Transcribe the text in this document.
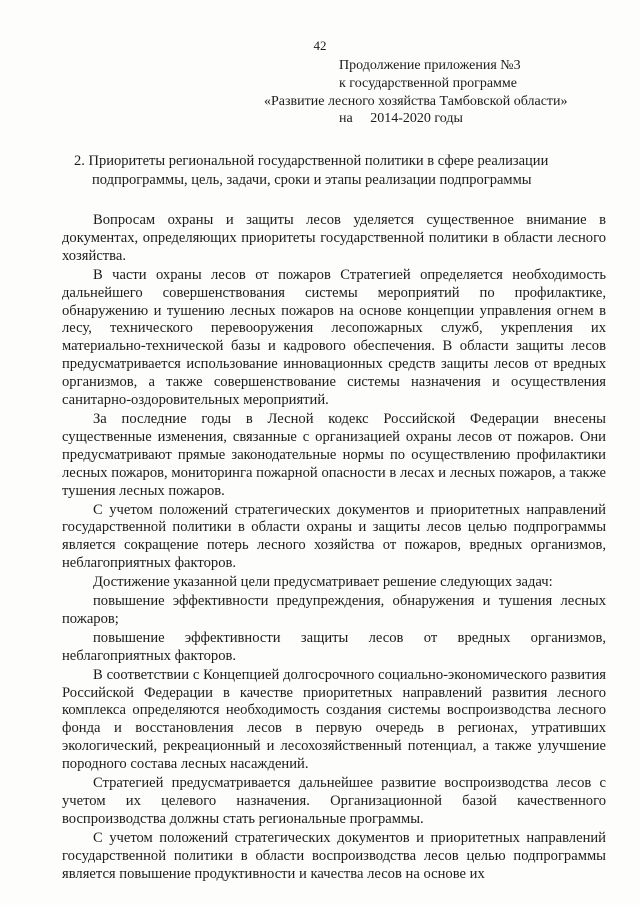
42
Продолжение приложения №3
к государственной программе
«Развитие лесного хозяйства Тамбовской области»
на     2014-2020 годы
2. Приоритеты региональной государственной политики в сфере реализации
подпрограммы, цель, задачи, сроки и этапы реализации подпрограммы

Вопросам охраны и защиты лесов уделяется существенное внимание в документах, определяющих приоритеты государственной политики в области лесного хозяйства.

В части охраны лесов от пожаров Стратегией определяется необходимость дальнейшего совершенствования системы мероприятий по профилактике, обнаружению и тушению лесных пожаров на основе концепции управления огнем в лесу, технического перевооружения лесопожарных служб, укрепления их материально-технической базы и кадрового обеспечения. В области защиты лесов предусматривается использование инновационных средств защиты лесов от вредных организмов, а также совершенствование системы назначения и осуществления санитарно-оздоровительных мероприятий.

За последние годы в Лесной кодекс Российской Федерации внесены существенные изменения, связанные с организацией охраны лесов от пожаров. Они предусматривают прямые законодательные нормы по осуществлению профилактики лесных пожаров, мониторинга пожарной опасности в лесах и лесных пожаров, а также тушения лесных пожаров.

С учетом положений стратегических документов и приоритетных направлений государственной политики в области охраны и защиты лесов целью подпрограммы является сокращение потерь лесного хозяйства от пожаров, вредных организмов, неблагоприятных факторов.

Достижение указанной цели предусматривает решение следующих задач:

повышение эффективности предупреждения, обнаружения и тушения лесных пожаров;

повышение эффективности защиты лесов от вредных организмов, неблагоприятных факторов.

В соответствии с Концепцией долгосрочного социально-экономического развития Российской Федерации в качестве приоритетных направлений развития лесного комплекса определяются необходимость создания системы воспроизводства лесного фонда и восстановления лесов в первую очередь в регионах, утративших экологический, рекреационный и лесохозяйственный потенциал, а также улучшение породного состава лесных насаждений.

Стратегией предусматривается дальнейшее развитие воспроизводства лесов с учетом их целевого назначения. Организационной базой качественного воспроизводства должны стать региональные программы.

С учетом положений стратегических документов и приоритетных направлений государственной политики в области воспроизводства лесов целью подпрограммы является повышение продуктивности и качества лесов на основе их
